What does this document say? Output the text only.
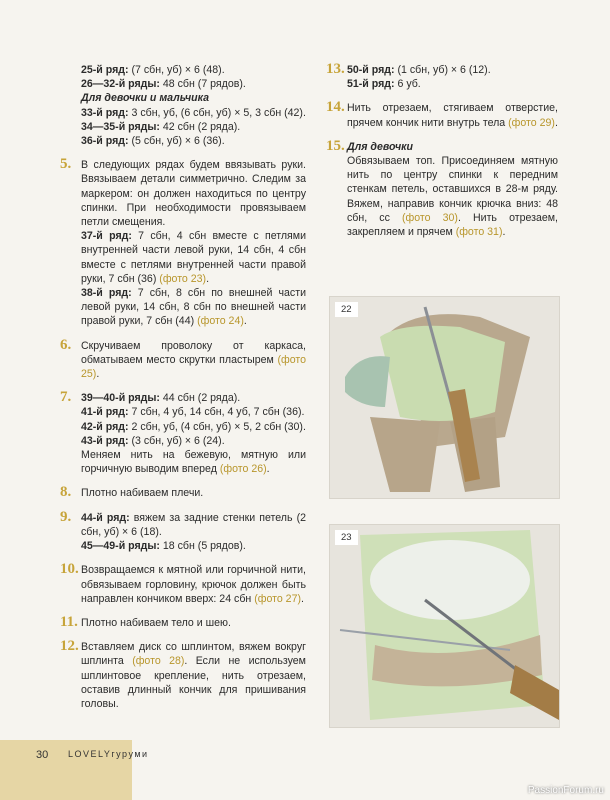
25-й ряд: (7 сбн, уб) × 6 (48).

26—32-й ряды: 48 сбн (7 рядов).

Для девочки и мальчика

33-й ряд: 3 сбн, уб, (6 сбн, уб) × 5, 3 сбн (42).

34—35-й ряды: 42 сбн (2 ряда).

36-й ряд: (5 сбн, уб) × 6 (36).

5. В следующих рядах будем ввязывать руки. Ввязываем детали симметрично. Следим за маркером: он должен находиться по центру спинки. При необходимости провязываем петли смещения.

37-й ряд: 7 сбн, 4 сбн вместе с петлями внутренней части левой руки, 14 сбн, 4 сбн вместе с петлями внутренней части правой руки, 7 сбн (36) (фото 23).

38-й ряд: 7 сбн, 8 сбн по внешней части левой руки, 14 сбн, 8 сбн по внешней части правой руки, 7 сбн (44) (фото 24).

6. Скручиваем проволоку от каркаса, обматываем место скрутки пластырем (фото 25).

7. 39—40-й ряды: 44 сбн (2 ряда).

41-й ряд: 7 сбн, 4 уб, 14 сбн, 4 уб, 7 сбн (36).

42-й ряд: 2 сбн, уб, (4 сбн, уб) × 5, 2 сбн (30).

43-й ряд: (3 сбн, уб) × 6 (24).

Меняем нить на бежевую, мятную или горчичную выводим вперед (фото 26).

8. Плотно набиваем плечи.

9. 44-й ряд: вяжем за задние стенки петель (2 сбн, уб) × 6 (18).

45—49-й ряды: 18 сбн (5 рядов).

10. Возвращаемся к мятной или горчичной нити, обвязываем горловину, крючок должен быть направлен кончиком вверх: 24 сбн (фото 27).

11. Плотно набиваем тело и шею.

12. Вставляем диск со шплинтом, вяжем вокруг шплинта (фото 28). Если не используем шплинтовое крепление, нить отрезаем, оставив длинный кончик для пришивания головы.

13. 50-й ряд: (1 сбн, уб) × 6 (12).

51-й ряд: 6 уб.

14. Нить отрезаем, стягиваем отверстие, прячем кончик нити внутрь тела (фото 29).

15. Для девочки

Обвязываем топ. Присоединяем мятную нить по центру спинки к передним стенкам петель, оставшихся в 28-м ряду. Вяжем, направив кончик крючка вниз: 48 сбн, сс (фото 30). Нить отрезаем, закрепляем и прячем (фото 31).

22
23
30 LOVELYгуруми
PassionForum.ru
